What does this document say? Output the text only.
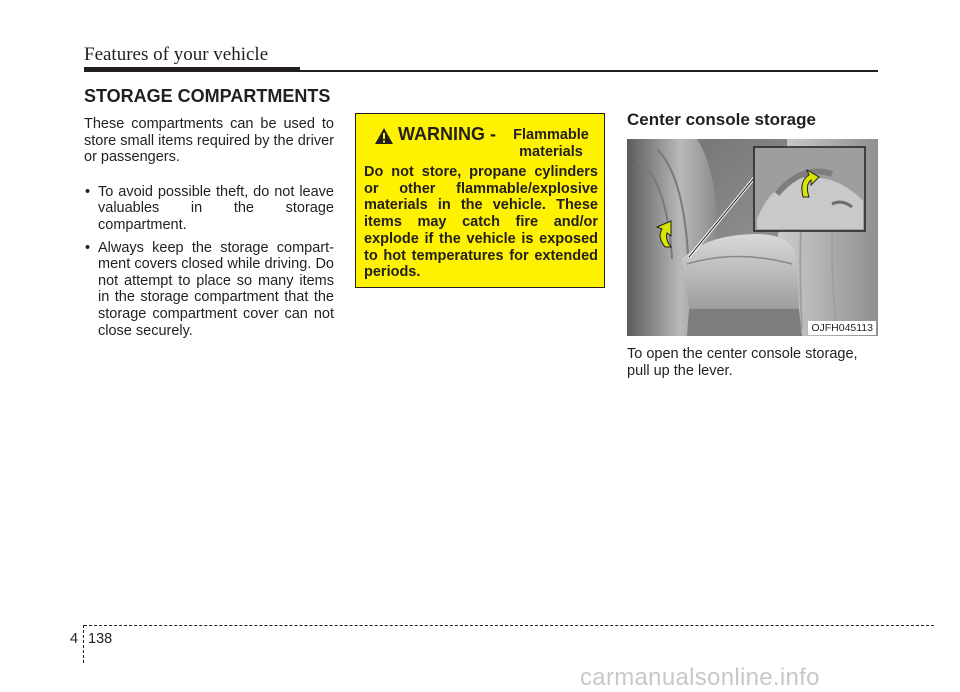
Features of your vehicle
STORAGE COMPARTMENTS

These compartments can be used to store small items required by the driver or passengers.

• To avoid possible theft, do not leave valuables in the storage compartment.
• Always keep the storage compart- ment covers closed while driving. Do not attempt to place so many items in the storage compartment that the storage compartment cover can not close securely.
WARNING -	Flammable materials
Do not store, propane cylinders or other flammable/explosive materials in the vehicle. These items may catch fire and/or explode if the vehicle is exposed to hot temperatures for extended periods.
Center console storage
OJFH045113
To open the center console storage, pull up the lever.
4 138
carmanualsonline.info
